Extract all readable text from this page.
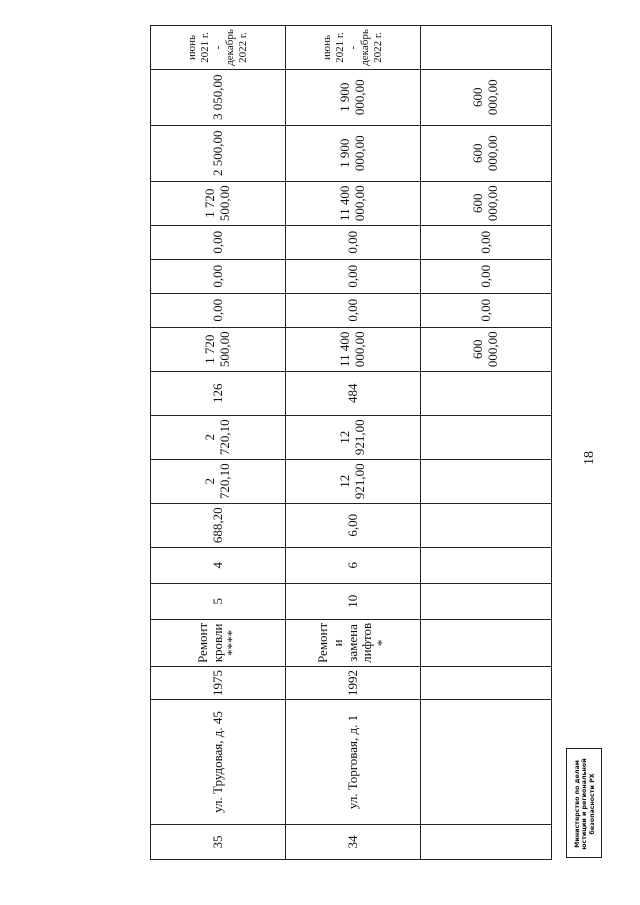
35	ул. Трудовая, д. 45	1975	Ремонт кровли ****	5	4	688,20	2 720,10	2 720,10	126	1 720 500,00	0,00	0,00	0,00	1 720 500,00	2 500,00	3 050,00	июнь 2021 г. - декабрь 2022 г.
34	ул. Торговая, д. 1	1992	Ремонт и замена лифтов *	10	6	6,00	12 921,00	12 921,00	484	11 400 000,00	0,00	0,00	0,00	11 400 000,00	1 900 000,00	1 900 000,00	июнь 2021 г. - декабрь 2022 г.
										600 000,00	0,00	0,00	0,00	600 000,00	600 000,00	600 000,00	
18
Министерство по делам юстиции и региональной безопасности РХ
